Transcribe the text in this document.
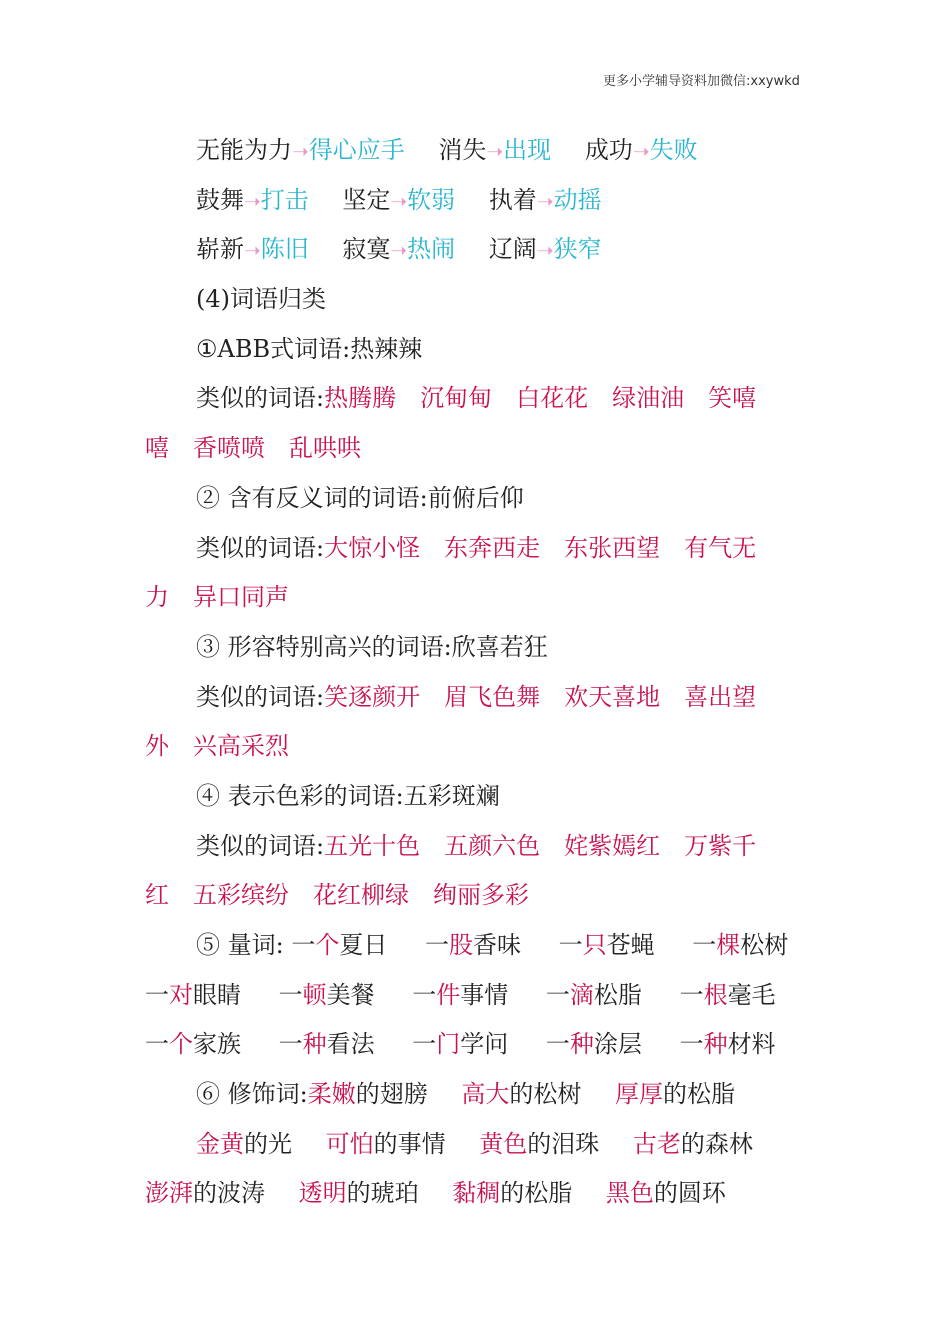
更多小学辅导资料加微信:xxywkd
无能为力➝得心应手 消失➝出现 成功➝失败
鼓舞➝打击 坚定➝软弱 执着➝动摇
崭新➝陈旧 寂寞➝热闹 辽阔➝狭窄
(4)词语归类
①ABB式词语:热辣辣
类似的词语:热腾腾　沉甸甸　白花花　绿油油　笑嘻
嘻　香喷喷　乱哄哄
② 含有反义词的词语:前俯后仰
类似的词语:大惊小怪　东奔西走　东张西望　有气无
力　异口同声
③ 形容特别高兴的词语:欣喜若狂
类似的词语:笑逐颜开　眉飞色舞　欢天喜地　喜出望
外　兴高采烈
④ 表示色彩的词语:五彩斑斓
类似的词语:五光十色　五颜六色　姹紫嫣红　万紫千
红　五彩缤纷　花红柳绿　绚丽多彩
⑤ 量词: 一个夏日 一股香味 一只苍蝇 一棵松树
一对眼睛 一顿美餐 一件事情 一滴松脂 一根毫毛
一个家族 一种看法 一门学问 一种涂层 一种材料
⑥ 修饰词:柔嫩的翅膀 高大的松树 厚厚的松脂
金黄的光 可怕的事情 黄色的泪珠 古老的森林
澎湃的波涛 透明的琥珀 黏稠的松脂 黑色的圆环
